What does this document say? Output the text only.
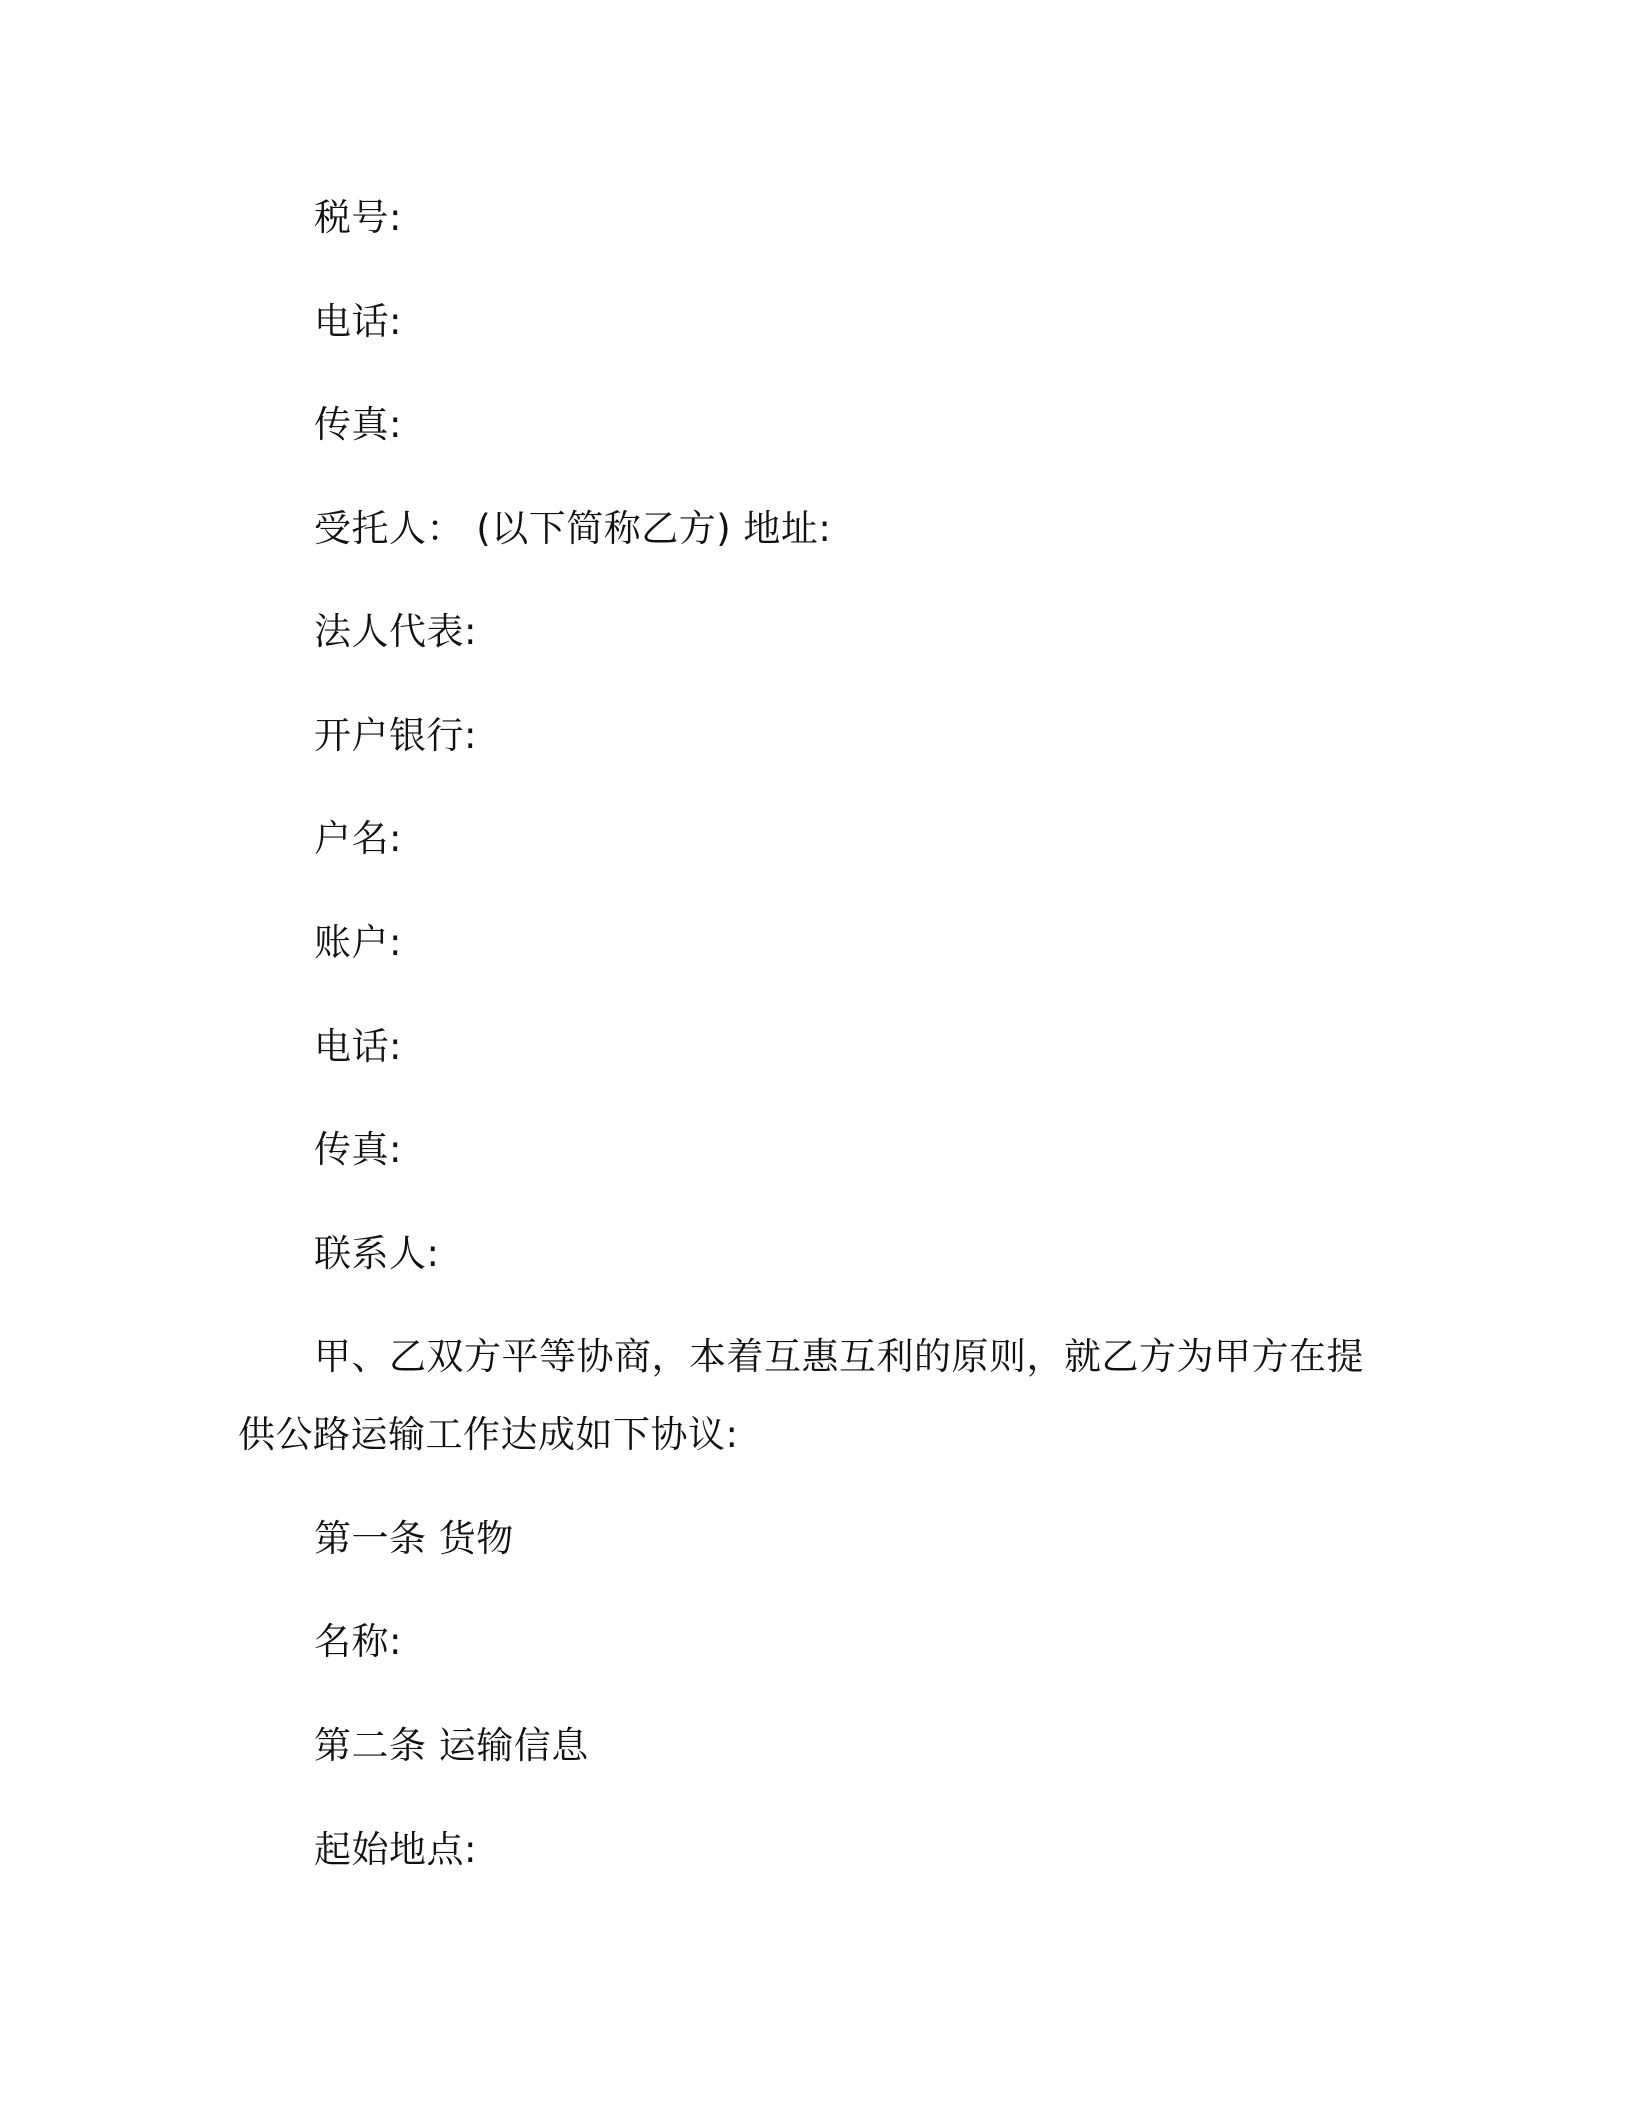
税号:
电话:
传真:
受托人： (以下简称乙方) 地址:
法人代表:
开户银行:
户名:
账户:
电话:
传真:
联系人:
甲、乙双方平等协商，本着互惠互利的原则，就乙方为甲方在提
供公路运输工作达成如下协议:
第一条 货物
名称:
第二条 运输信息
起始地点:
